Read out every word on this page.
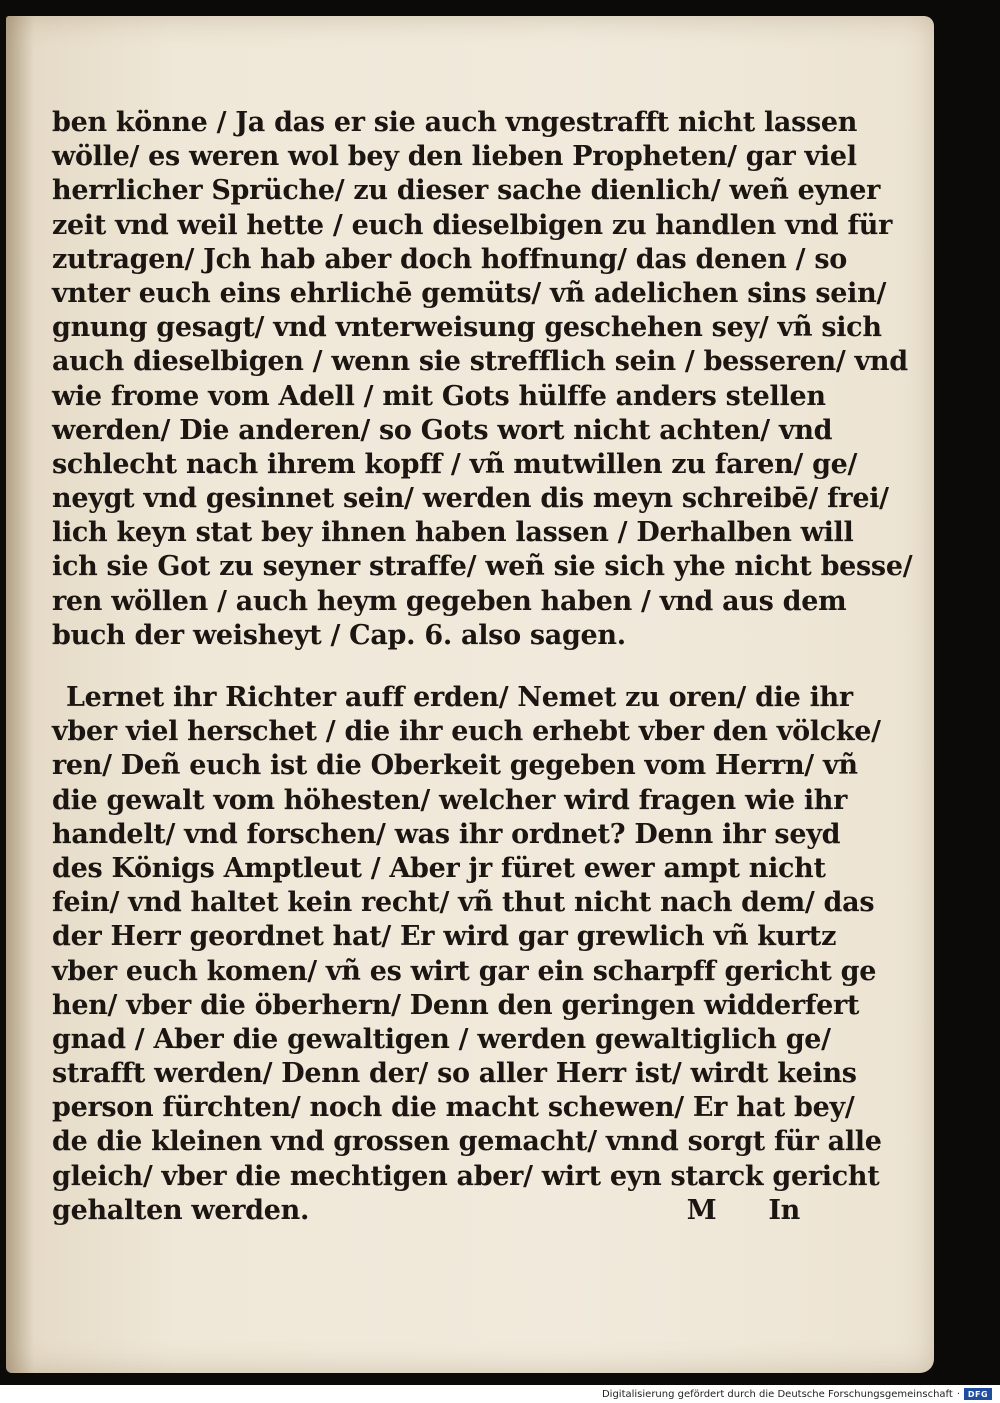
ben könne / Ja das er sie auch vngestrafft nicht lassen
wölle/ es weren wol bey den lieben Propheten/ gar viel
herrlicher Sprüche/ zu dieser sache dienlich/ weñ eyner
zeit vnd weil hette / euch dieselbigen zu handlen vnd für
zutragen/ Jch hab aber doch hoffnung/ das denen / so
vnter euch eins ehrlichē gemüts/ vñ adelichen sins sein/
gnung gesagt/ vnd vnterweisung geschehen sey/ vñ sich
auch dieselbigen / wenn sie strefflich sein / besseren/ vnd
wie frome vom Adell / mit Gots hülffe anders stellen
werden/ Die anderen/ so Gots wort nicht achten/ vnd
schlecht nach ihrem kopff / vñ mutwillen zu faren/ ge/
neygt vnd gesinnet sein/ werden dis meyn schreibē/ frei/
lich keyn stat bey ihnen haben lassen / Derhalben will
ich sie Got zu seyner straffe/ weñ sie sich yhe nicht besse/
ren wöllen / auch heym gegeben haben / vnd aus dem
buch der weisheyt / Cap. 6. also sagen.
Lernet ihr Richter auff erden/ Nemet zu oren/ die ihr
vber viel herschet / die ihr euch erhebt vber den völcke/
ren/ Deñ euch ist die Oberkeit gegeben vom Herrn/ vñ
die gewalt vom höhesten/ welcher wird fragen wie ihr
handelt/ vnd forschen/ was ihr ordnet? Denn ihr seyd
des Königs Amptleut / Aber jr füret ewer ampt nicht
fein/ vnd haltet kein recht/ vñ thut nicht nach dem/ das
der Herr geordnet hat/ Er wird gar grewlich vñ kurtz
vber euch komen/ vñ es wirt gar ein scharpff gericht ge
hen/ vber die öberhern/ Denn den geringen widderfert
gnad / Aber die gewaltigen / werden gewaltiglich ge/
strafft werden/ Denn der/ so aller Herr ist/ wirdt keins
person fürchten/ noch die macht schewen/ Er hat bey/
de die kleinen vnd grossen gemacht/ vnnd sorgt für alle
gleich/ vber die mechtigen aber/ wirt eyn starck gericht
gehalten werden.	M In
Digitalisierung gefördert durch die Deutsche Forschungsgemeinschaft · DFG
